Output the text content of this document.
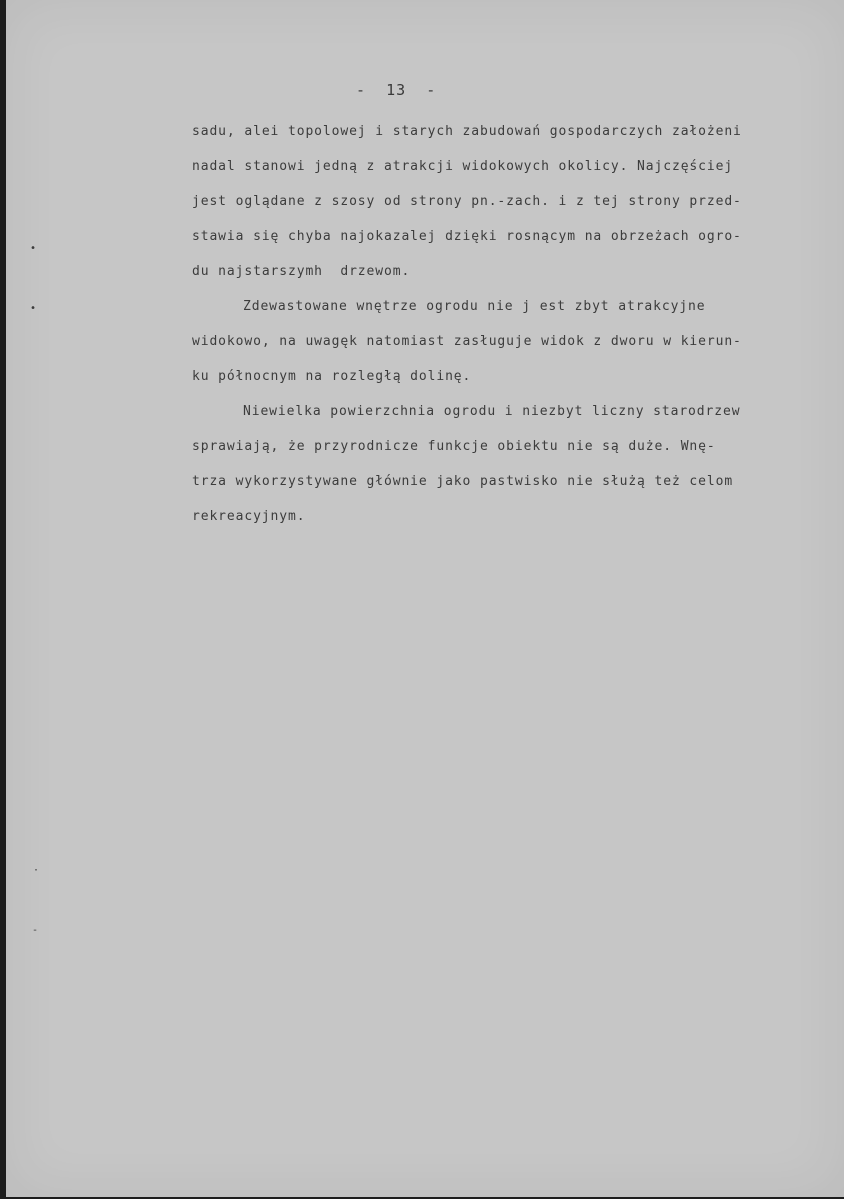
-  13  -
sadu, alei topolowej i starych zabudowań gospodarczych założeni
nadal stanowi jedną z atrakcji widokowych okolicy. Najczęściej
jest oglądane z szosy od strony pn.-zach. i z tej strony przed-
stawia się chyba najokazalej dzięki rosnącym na obrzeżach ogro-
du najstarszymh  drzewom.
Zdewastowane wnętrze ogrodu nie j est zbyt atrakcyjne
widokowo, na uwagęk natomiast zasługuje widok z dworu w kierun-
ku północnym na rozległą dolinę.
Niewielka powierzchnia ogrodu i niezbyt liczny starodrzew
sprawiają, że przyrodnicze funkcje obiektu nie są duże. Wnę-
trza wykorzystywane głównie jako pastwisko nie służą też celom
rekreacyjnym.
•
•
·
-
